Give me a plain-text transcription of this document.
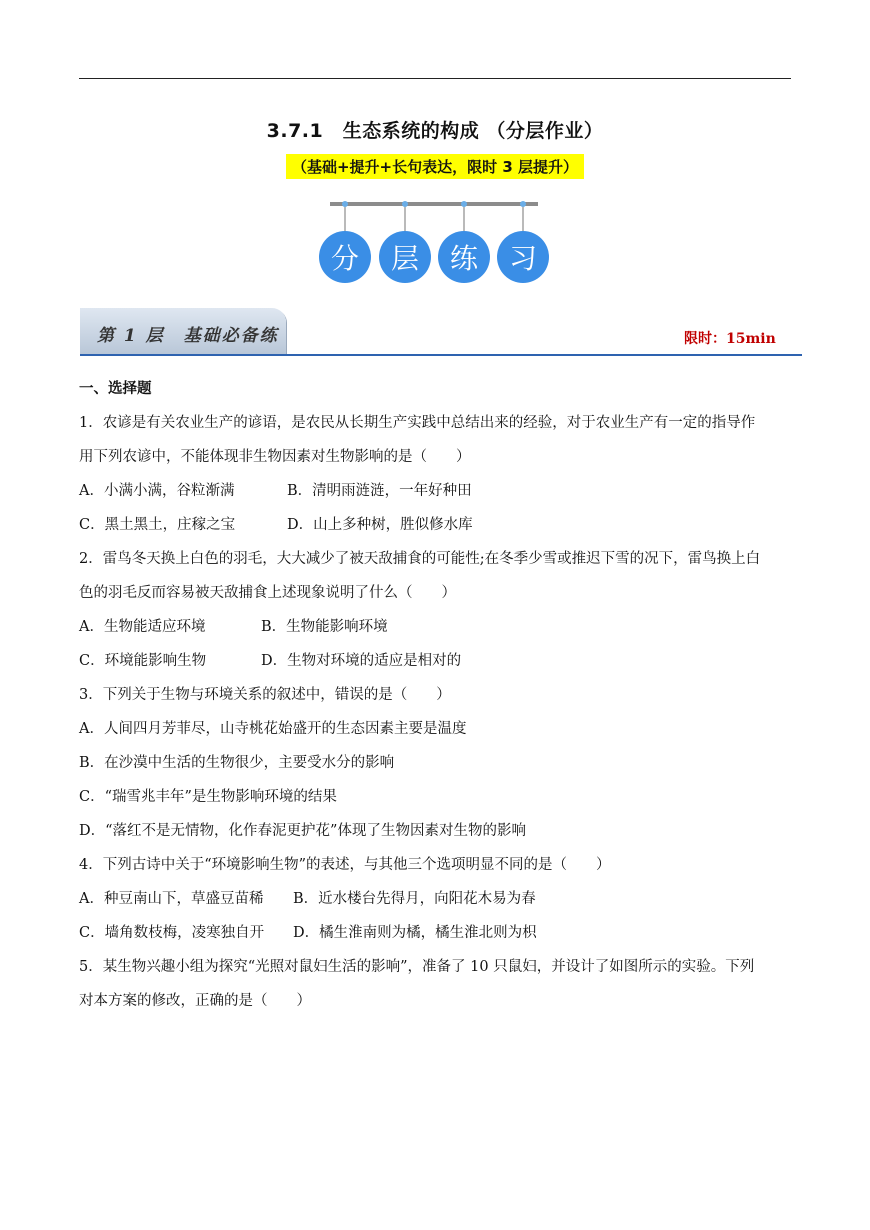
3.7.1　生态系统的构成 （分层作业）
（基础+提升+长句表达，限时 3 层提升）
分 层 练 习
第 1 层　基础必备练	限时：15min
一、选择题
1．农谚是有关农业生产的谚语，是农民从长期生产实践中总结出来的经验，对于农业生产有一定的指导作
用下列农谚中，不能体现非生物因素对生物影响的是（　　）
A．小满小满，谷粒渐满	B．清明雨涟涟，一年好种田
C．黑土黑土，庄稼之宝	D．山上多种树，胜似修水库
2．雷鸟冬天换上白色的羽毛，大大减少了被天敌捕食的可能性;在冬季少雪或推迟下雪的况下，雷鸟换上白
色的羽毛反而容易被天敌捕食上述现象说明了什么（　　）
A．生物能适应环境	B．生物能影响环境
C．环境能影响生物	D．生物对环境的适应是相对的
3．下列关于生物与环境关系的叙述中，错误的是（　　）
A．人间四月芳菲尽，山寺桃花始盛开的生态因素主要是温度
B．在沙漠中生活的生物很少，主要受水分的影响
C．“瑞雪兆丰年”是生物影响环境的结果
D．“落红不是无情物，化作春泥更护花”体现了生物因素对生物的影响
4．下列古诗中关于“环境影响生物”的表述，与其他三个选项明显不同的是（　　）
A．种豆南山下，草盛豆苗稀 B．近水楼台先得月，向阳花木易为春
C．墙角数枝梅，凌寒独自开 D．橘生淮南则为橘，橘生淮北则为枳
5．某生物兴趣小组为探究“光照对鼠妇生活的影响”，准备了 10 只鼠妇，并设计了如图所示的实验。下列
对本方案的修改，正确的是（　　）
